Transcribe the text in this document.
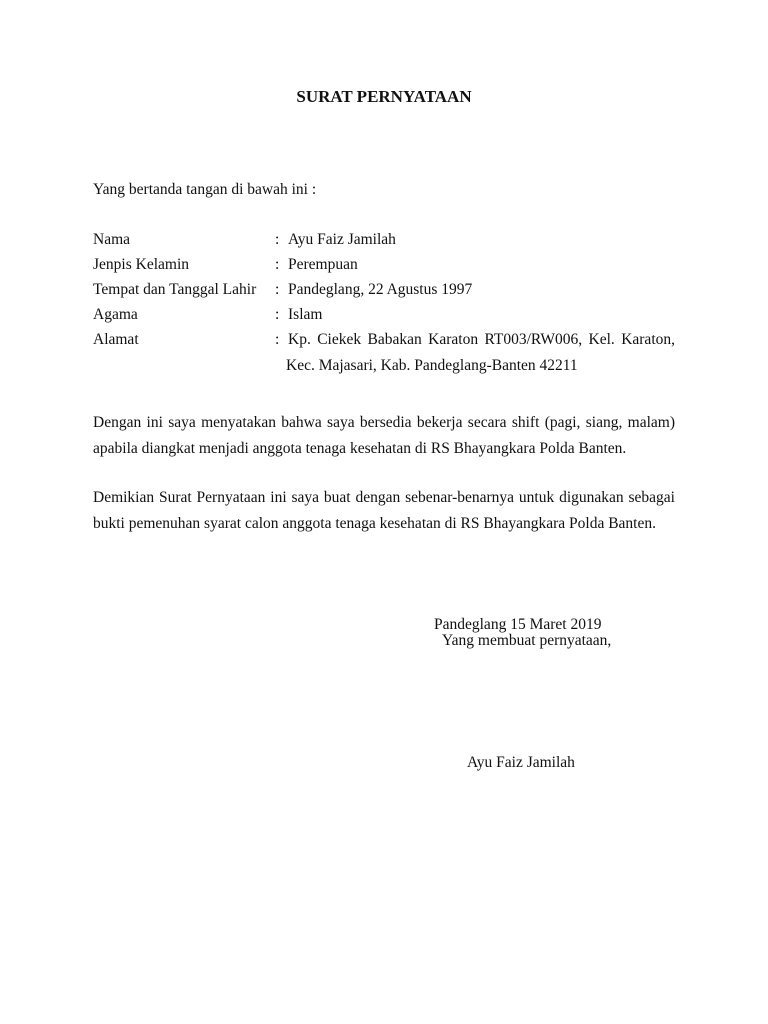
SURAT PERNYATAAN
Yang bertanda tangan di bawah ini :
Nama	: Ayu Faiz Jamilah
Jenpis Kelamin	: Perempuan
Tempat dan Tanggal Lahir : Pandeglang, 22 Agustus 1997
Agama	: Islam
Alamat	: Kp. Ciekek Babakan Karaton RT003/RW006, Kel. Karaton,
Kec. Majasari, Kab. Pandeglang-Banten 42211
Dengan ini saya menyatakan bahwa saya bersedia bekerja secara shift (pagi, siang, malam)
apabila diangkat menjadi anggota tenaga kesehatan di RS Bhayangkara Polda Banten.
Demikian Surat Pernyataan ini saya buat dengan sebenar-benarnya untuk digunakan sebagai
bukti pemenuhan syarat calon anggota tenaga kesehatan di RS Bhayangkara Polda Banten.
Pandeglang 15 Maret 2019
Yang membuat pernyataan,
Ayu Faiz Jamilah
